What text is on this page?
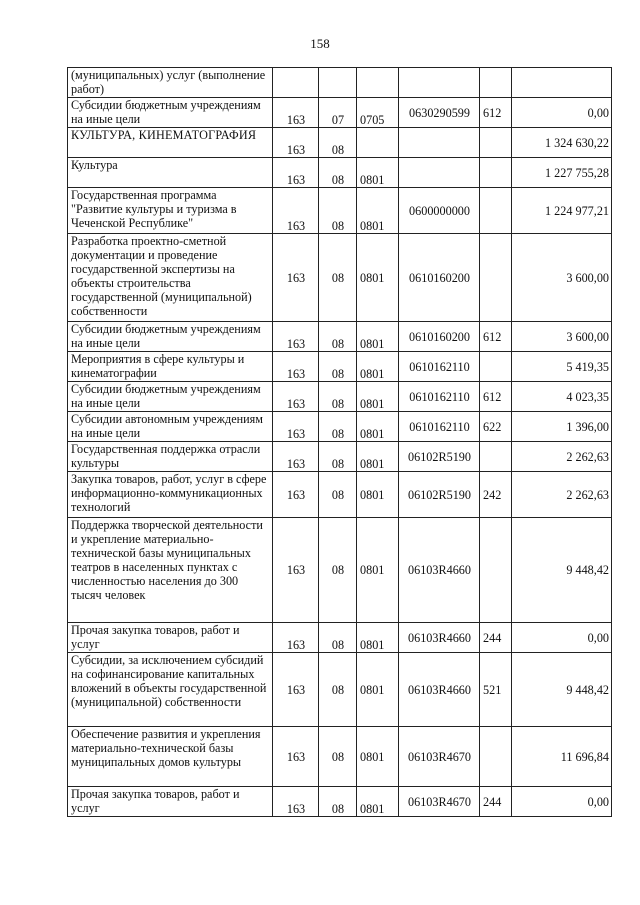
158
(муниципальных) услуг (выполнение работ)						
Субсидии бюджетным учреждениям на иные цели	163	07	0705	0630290599	612	0,00
КУЛЬТУРА, КИНЕМАТОГРАФИЯ	163	08				1 324 630,22
Культура	163	08	0801			1 227 755,28
Государственная программа "Развитие культуры и туризма в Чеченской Республике"	163	08	0801	0600000000		1 224 977,21
Разработка проектно-сметной документации и проведение государственной экспертизы на объекты строительства государственной (муниципальной) собственности	163	08	0801	0610160200		3 600,00
Субсидии бюджетным учреждениям на иные цели	163	08	0801	0610160200	612	3 600,00
Мероприятия в сфере культуры и кинематографии	163	08	0801	0610162110		5 419,35
Субсидии бюджетным учреждениям на иные цели	163	08	0801	0610162110	612	4 023,35
Субсидии автономным учреждениям на иные цели	163	08	0801	0610162110	622	1 396,00
Государственная поддержка отрасли культуры	163	08	0801	06102R5190		2 262,63
Закупка товаров, работ, услуг в сфере информационно-коммуникационных технологий	163	08	0801	06102R5190	242	2 262,63
Поддержка творческой деятельности и укрепление материально-технической базы муниципальных театров в населенных пунктах с численностью населения до 300 тысяч человек	163	08	0801	06103R4660		9 448,42
Прочая закупка товаров, работ и услуг	163	08	0801	06103R4660	244	0,00
Субсидии, за исключением субсидий на софинансирование капитальных вложений в объекты государственной (муниципальной) собственности	163	08	0801	06103R4660	521	9 448,42
Обеспечение развития и укрепления материально-технической базы муниципальных домов культуры	163	08	0801	06103R4670		11 696,84
Прочая закупка товаров, работ и услуг	163	08	0801	06103R4670	244	0,00
